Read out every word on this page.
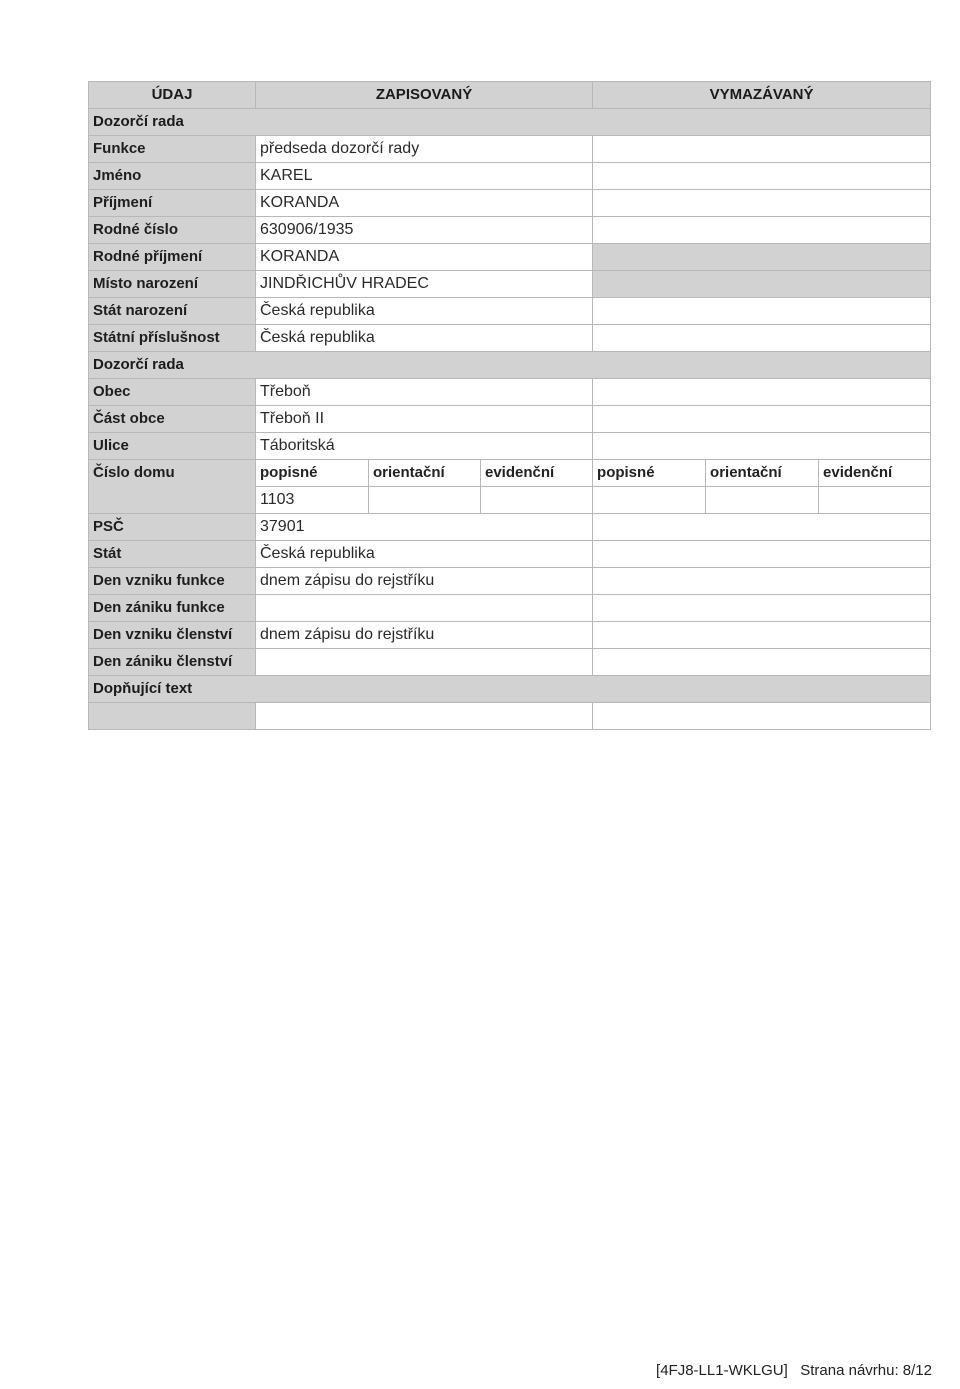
ÚDAJ	ZAPISOVANÝ			VYMAZÁVANÝ		
Dozorčí rada						
Funkce	předseda dozorčí rady					
Jméno	KAREL					
Příjmení	KORANDA					
Rodné číslo	630906/1935					
Rodné příjmení	KORANDA					
Místo narození	JINDŘICHŮV HRADEC					
Stát narození	Česká republika					
Státní příslušnost	Česká republika					
Dozorčí rada						
Obec	Třeboň					
Část obce	Třeboň II					
Ulice	Táboritská					
Číslo domu	popisné	orientační	evidenční	popisné	orientační	evidenční
	1103					
PSČ	37901					
Stát	Česká republika					
Den vzniku funkce	dnem zápisu do rejstříku					
Den zániku funkce						
Den vzniku členství	dnem zápisu do rejstříku					
Den zániku členství						
Dopňující text						

[4FJ8-LL1-WKLGU]   Strana návrhu: 8/12
